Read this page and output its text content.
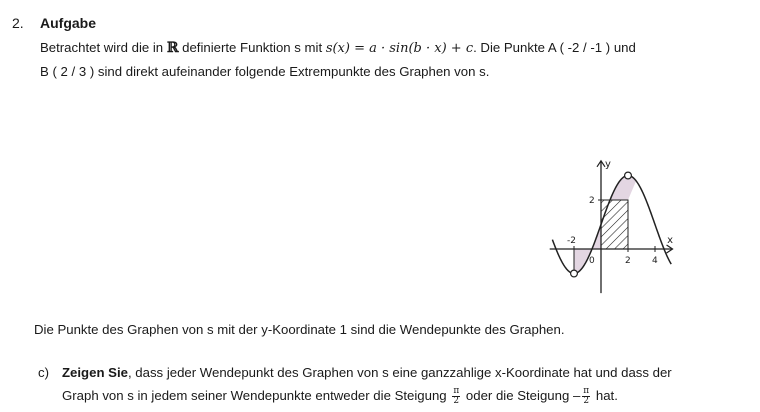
2. Aufgabe
Betrachtet wird die in ℝ definierte Funktion s mit s(x) = a · sin(b · x) + c. Die Punkte A ( -2 / -1 ) und
B ( 2 / 3 ) sind direkt aufeinander folgende Extrempunkte des Graphen von s.
x
y
-2
0	2 4
2
Die Punkte des Graphen von s mit der y-Koordinate 1 sind die Wendepunkte des Graphen.
c) Zeigen Sie, dass jeder Wendepunkt des Graphen von s eine ganzzahlige x-Koordinate hat und dass der
Graph von s in jedem seiner Wendepunkte entweder die Steigung $\frac{\pi}{2}$ oder die Steigung – $\frac{\pi}{2}$ hat.
